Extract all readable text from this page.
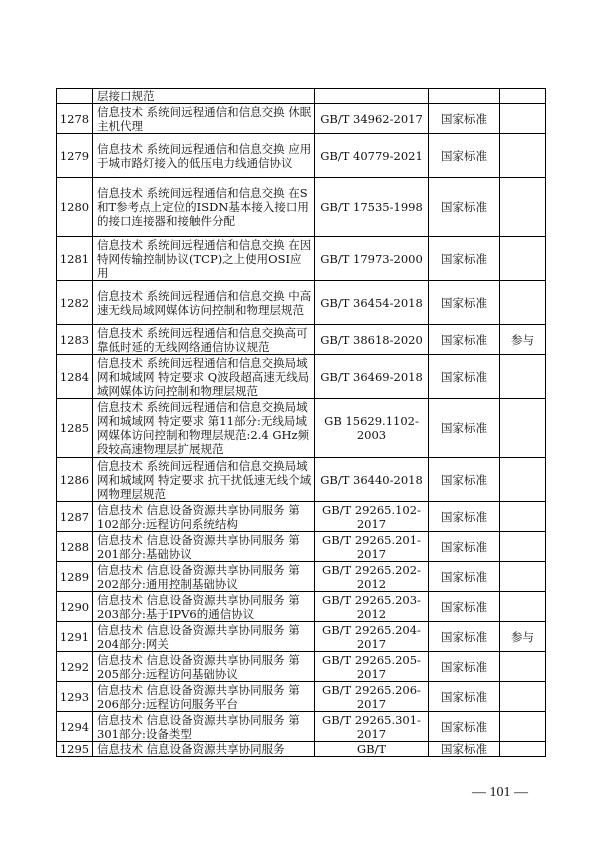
	层接口规范			
1278	信息技术 系统间远程通信和信息交换 休眠主机代理	GB/T 34962-2017	国家标准	
1279	信息技术 系统间远程通信和信息交换 应用于城市路灯接入的低压电力线通信协议	GB/T 40779-2021	国家标准	
1280	信息技术 系统间远程通信和信息交换 在S和T参考点上定位的ISDN基本接入接口用的接口连接器和接触件分配	GB/T 17535-1998	国家标准	
1281	信息技术 系统间远程通信和信息交换 在因特网传输控制协议(TCP)之上使用OSI应用	GB/T 17973-2000	国家标准	
1282	信息技术 系统间远程通信和信息交换 中高速无线局域网媒体访问控制和物理层规范	GB/T 36454-2018	国家标准	
1283	信息技术 系统间远程通信和信息交换高可靠低时延的无线网络通信协议规范	GB/T 38618-2020	国家标准	参与
1284	信息技术 系统间远程通信和信息交换局域网和城域网 特定要求 Q波段超高速无线局域网媒体访问控制和物理层规范	GB/T 36469-2018	国家标准	
1285	信息技术 系统间远程通信和信息交换局域网和城域网 特定要求 第11部分:无线局域网媒体访问控制和物理层规范:2.4 GHz频段较高速物理层扩展规范	GB 15629.1102-2003	国家标准	
1286	信息技术 系统间远程通信和信息交换局域网和城域网 特定要求 抗干扰低速无线个域网物理层规范	GB/T 36440-2018	国家标准	
1287	信息技术 信息设备资源共享协同服务 第102部分:远程访问系统结构	GB/T 29265.102-2017	国家标准	
1288	信息技术 信息设备资源共享协同服务 第201部分:基础协议	GB/T 29265.201-2017	国家标准	
1289	信息技术 信息设备资源共享协同服务 第202部分:通用控制基础协议	GB/T 29265.202-2012	国家标准	
1290	信息技术 信息设备资源共享协同服务 第203部分:基于IPV6的通信协议	GB/T 29265.203-2012	国家标准	
1291	信息技术 信息设备资源共享协同服务 第204部分:网关	GB/T 29265.204-2017	国家标准	参与
1292	信息技术 信息设备资源共享协同服务 第205部分:远程访问基础协议	GB/T 29265.205-2017	国家标准	
1293	信息技术 信息设备资源共享协同服务 第206部分:远程访问服务平台	GB/T 29265.206-2017	国家标准	
1294	信息技术 信息设备资源共享协同服务 第301部分:设备类型	GB/T 29265.301-2017	国家标准	
1295	信息技术 信息设备资源共享协同服务	GB/T	国家标准	
— 101 —
